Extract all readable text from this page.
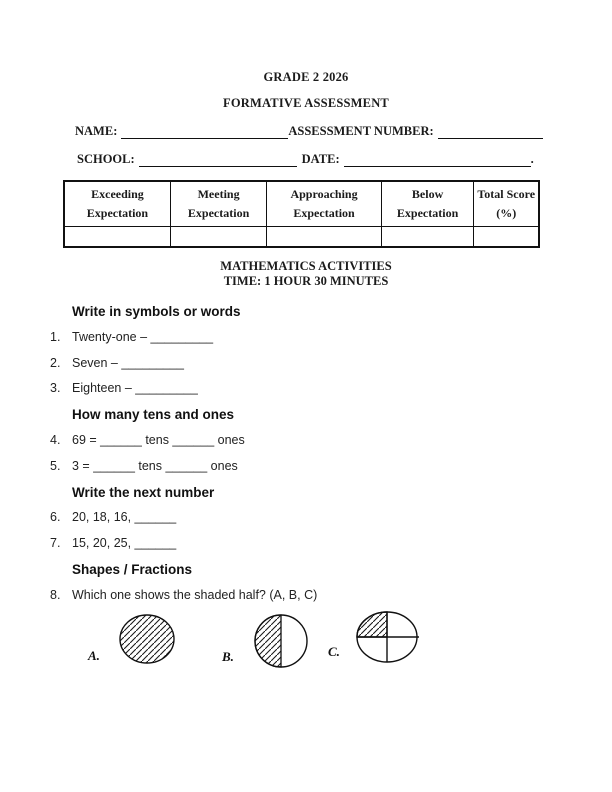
GRADE 2 2026
FORMATIVE ASSESSMENT
NAME:	ASSESSMENT NUMBER:
SCHOOL:	DATE:	.
Exceeding Expectation	Meeting Expectation	Approaching Expectation	Below Expectation	Total Score (%)

MATHEMATICS ACTIVITIES
TIME: 1 HOUR 30 MINUTES
Write in symbols or words
1. Twenty-one – _________
2. Seven – _________
3. Eighteen – _________
How many tens and ones
4. 69 = ______ tens ______ ones
5. 3 = ______ tens ______ ones
Write the next number
6. 20, 18, 16, ______
7. 15, 20, 25, ______
Shapes / Fractions
8. Which one shows the shaded half? (A, B, C)
A.	B.	C.
